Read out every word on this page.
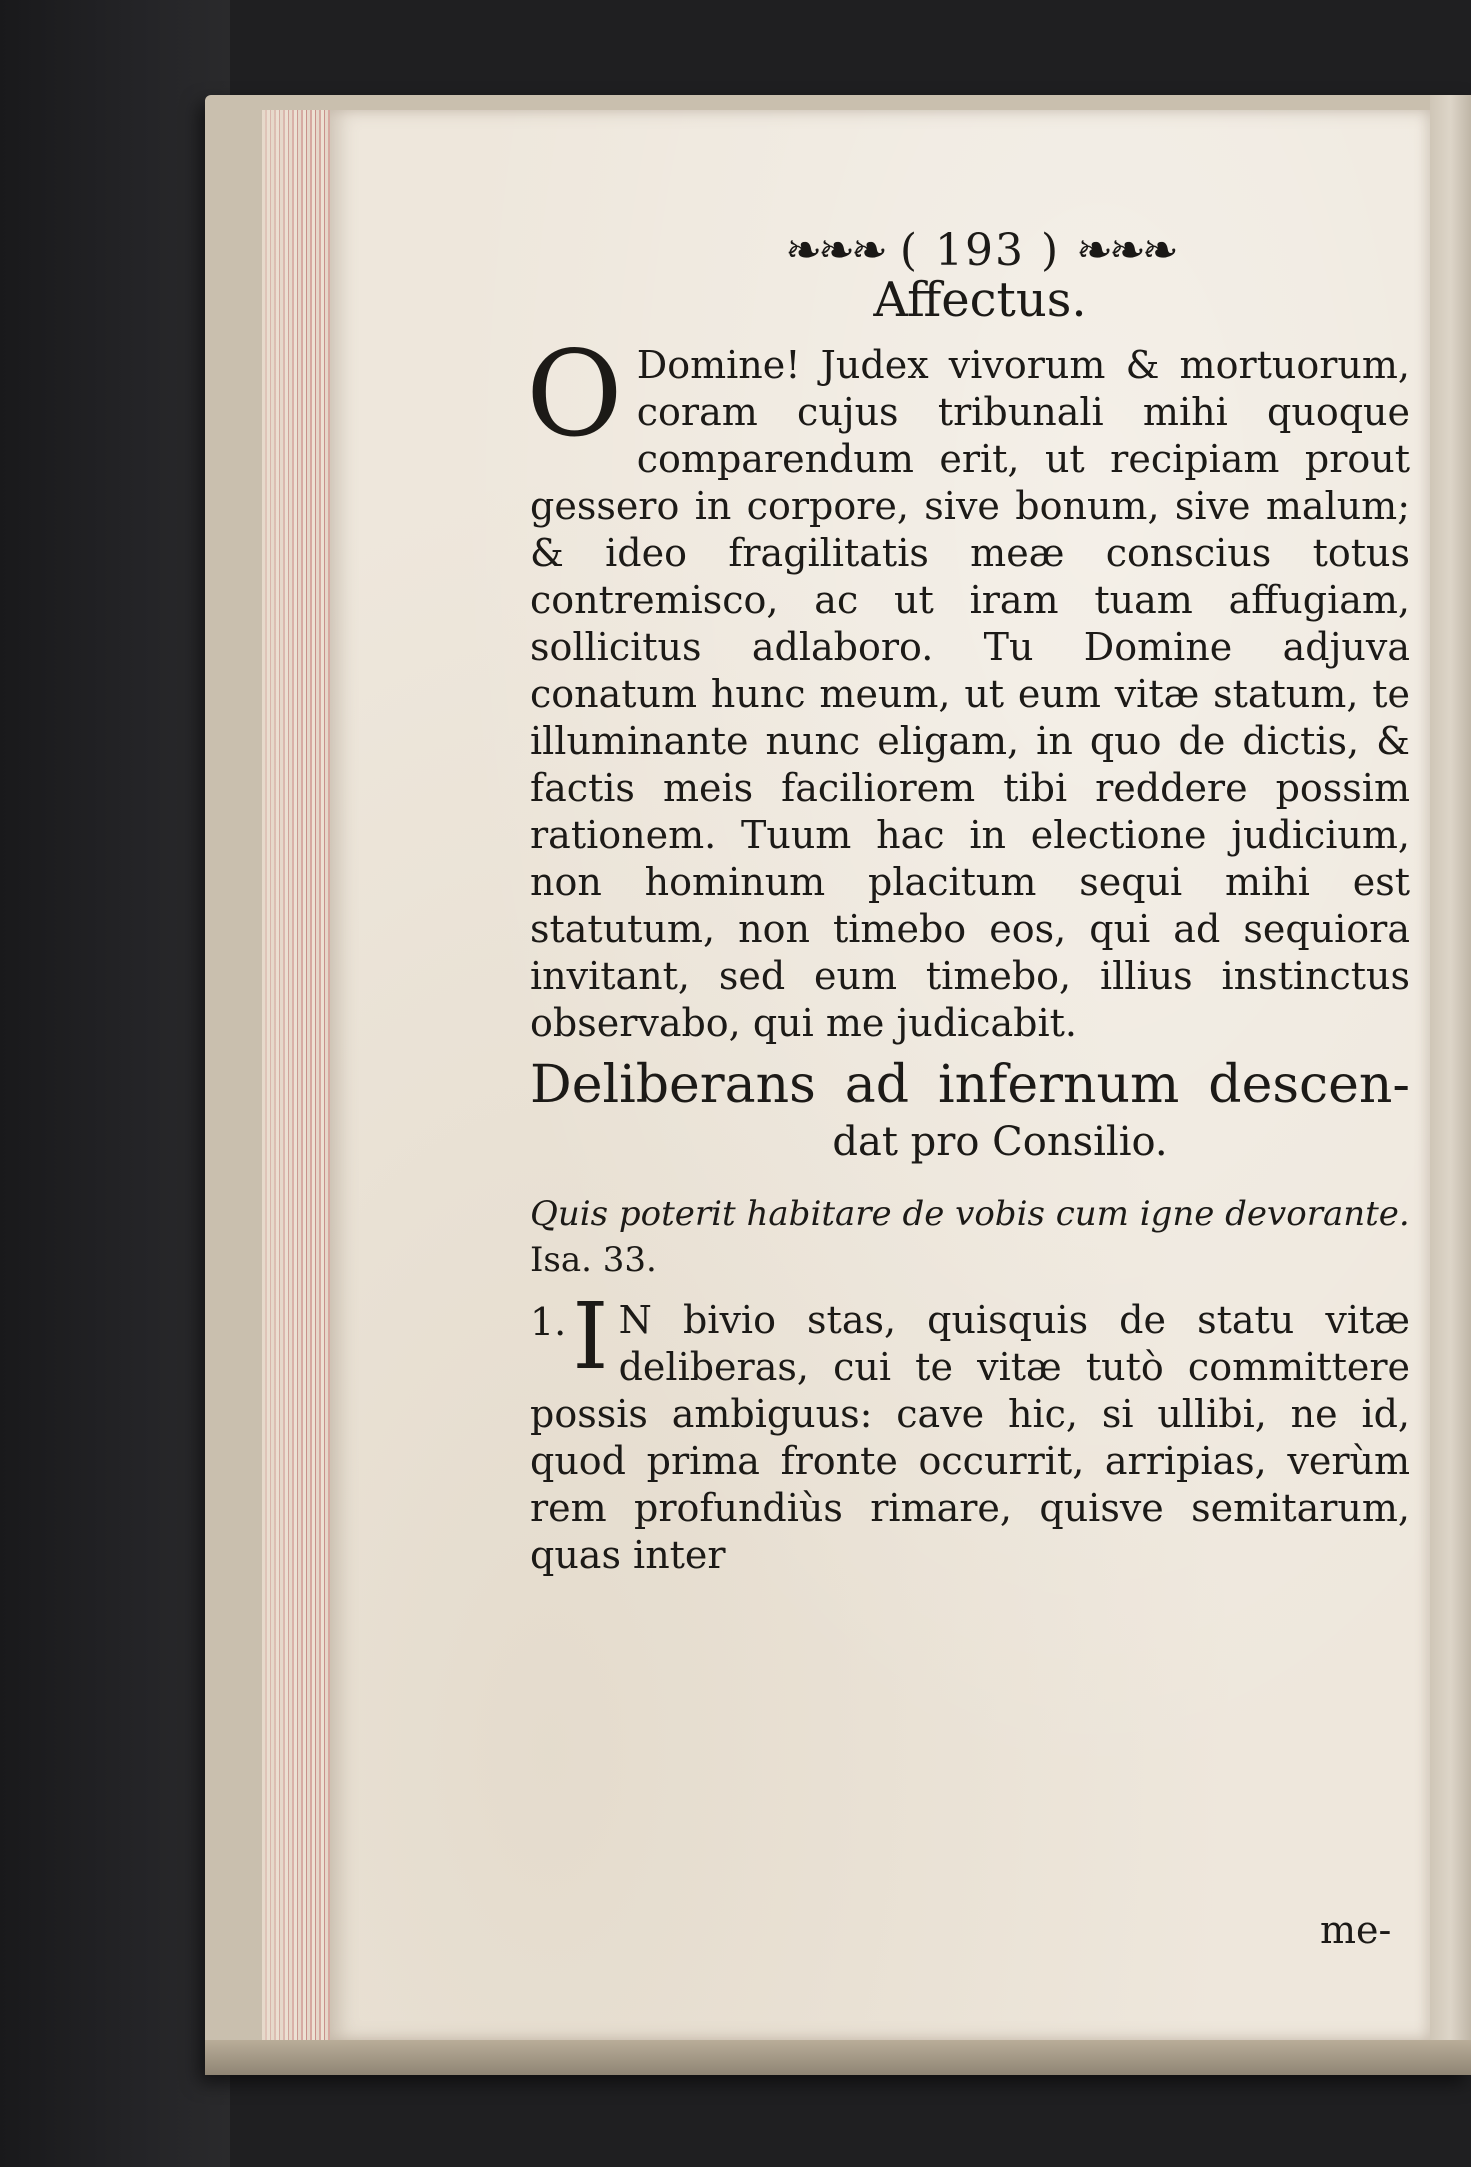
❧❧❧ ( 193 ) ❧❧❧
Affectus.
O Domine! Judex vivorum & mortuorum, coram cujus tribunali mihi quoque comparendum erit, ut recipiam prout gessero in corpore, sive bonum, sive malum; & ideo fragilitatis meæ conscius totus contremisco, ac ut iram tuam affugiam, sollicitus adlaboro. Tu Domine adjuva conatum hunc meum, ut eum vitæ statum, te illuminante nunc eligam, in quo de dictis, & factis meis faciliorem tibi reddere possim rationem. Tuum hac in electione judicium, non hominum placitum sequi mihi est statutum, non timebo eos, qui ad sequiora invitant, sed eum timebo, illius instinctus observabo, qui me judicabit.
Deliberans ad infernum descen-
dat pro Consilio.
Quis poterit habitare de vobis cum igne devorante. Isa. 33.
1. I N bivio stas, quisquis de statu vitæ deliberas, cui te vitæ tutò committere possis ambiguus: cave hic, si ullibi, ne id, quod prima fronte occurrit, arripias, verùm rem profundiùs rimare, quisve semitarum, quas inter
me-
